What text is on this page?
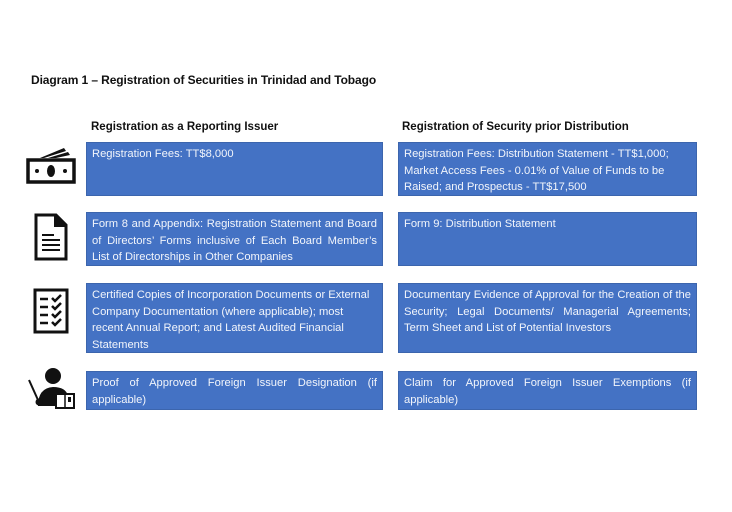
Diagram 1 – Registration of Securities in Trinidad and Tobago
Registration as a Reporting Issuer	Registration of Security prior Distribution
Registration Fees: TT$8,000	Registration Fees: Distribution Statement - TT$1,000; Market Access Fees - 0.01% of Value of Funds to be Raised; and Prospectus - TT$17,500
Form 8 and Appendix: Registration Statement and Board of Directors’ Forms inclusive of Each Board Member’s List of Directorships in Other Companies
Form 9: Distribution Statement
Certified Copies of Incorporation Documents or External Company Documentation (where applicable); most recent Annual Report; and Latest Audited Financial Statements
Documentary Evidence of Approval for the Creation of the Security; Legal Documents/ Managerial Agreements; Term Sheet and List of Potential Investors
Proof of Approved Foreign Issuer Designation (if applicable)
Claim for Approved Foreign Issuer Exemptions (if applicable)
